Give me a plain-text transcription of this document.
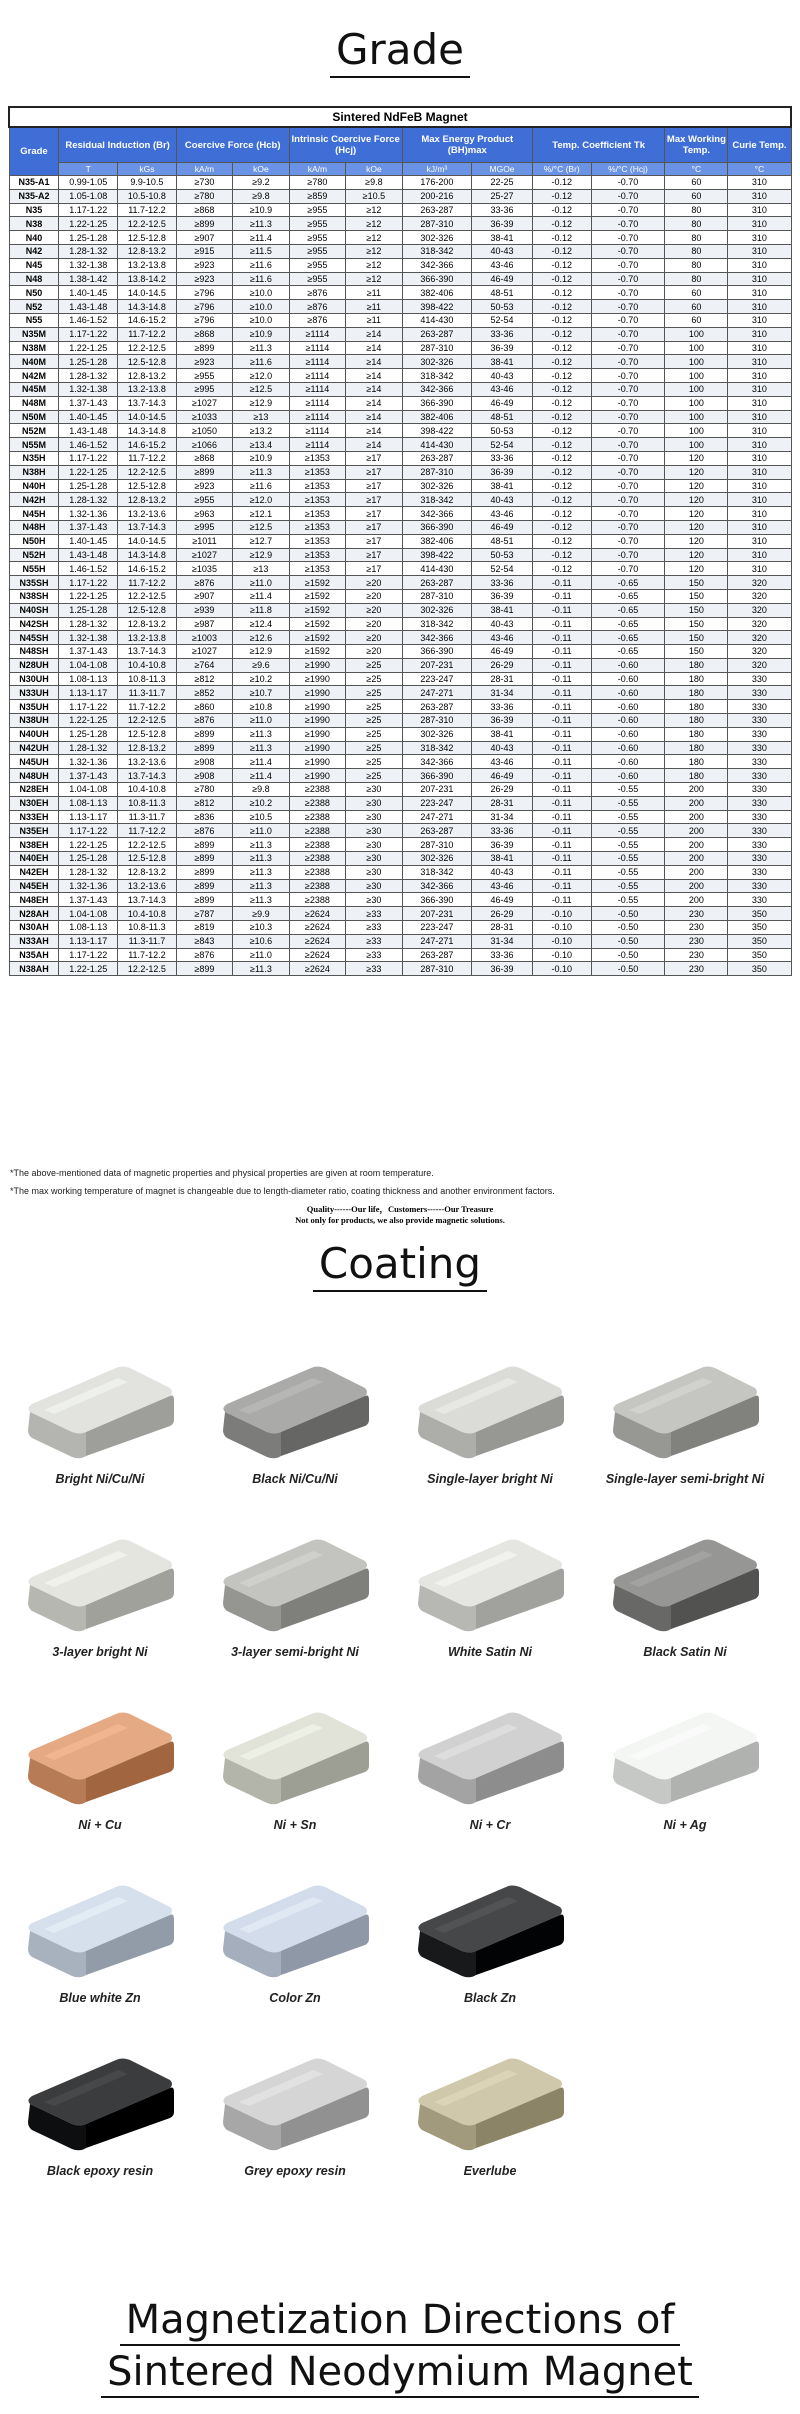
Grade
Sintered NdFeB Magnet												
Grade	Residual Induction (Br)		Coercive Force (Hcb)		Intrinsic Coercive Force (Hcj)		Max Energy Product (BH)max		Temp. Coefficient Tk		Max Working Temp.	Curie Temp.
	T	kGs	kA/m	kOe	kA/m	kOe	kJ/m³	MGOe	%/°C (Br)	%/°C (Hcj)	°C	°C
N35-A1	0.99-1.05	9.9-10.5	≥730	≥9.2	≥780	≥9.8	176-200	22-25	-0.12	-0.70	60	310
N35-A2	1.05-1.08	10.5-10.8	≥780	≥9.8	≥859	≥10.5	200-216	25-27	-0.12	-0.70	60	310
N35	1.17-1.22	11.7-12.2	≥868	≥10.9	≥955	≥12	263-287	33-36	-0.12	-0.70	80	310
N38	1.22-1.25	12.2-12.5	≥899	≥11.3	≥955	≥12	287-310	36-39	-0.12	-0.70	80	310
N40	1.25-1.28	12.5-12.8	≥907	≥11.4	≥955	≥12	302-326	38-41	-0.12	-0.70	80	310
N42	1.28-1.32	12.8-13.2	≥915	≥11.5	≥955	≥12	318-342	40-43	-0.12	-0.70	80	310
N45	1.32-1.38	13.2-13.8	≥923	≥11.6	≥955	≥12	342-366	43-46	-0.12	-0.70	80	310
N48	1.38-1.42	13.8-14.2	≥923	≥11.6	≥955	≥12	366-390	46-49	-0.12	-0.70	80	310
N50	1.40-1.45	14.0-14.5	≥796	≥10.0	≥876	≥11	382-406	48-51	-0.12	-0.70	60	310
N52	1.43-1.48	14.3-14.8	≥796	≥10.0	≥876	≥11	398-422	50-53	-0.12	-0.70	60	310
N55	1.46-1.52	14.6-15.2	≥796	≥10.0	≥876	≥11	414-430	52-54	-0.12	-0.70	60	310
N35M	1.17-1.22	11.7-12.2	≥868	≥10.9	≥1114	≥14	263-287	33-36	-0.12	-0.70	100	310
N38M	1.22-1.25	12.2-12.5	≥899	≥11.3	≥1114	≥14	287-310	36-39	-0.12	-0.70	100	310
N40M	1.25-1.28	12.5-12.8	≥923	≥11.6	≥1114	≥14	302-326	38-41	-0.12	-0.70	100	310
N42M	1.28-1.32	12.8-13.2	≥955	≥12.0	≥1114	≥14	318-342	40-43	-0.12	-0.70	100	310
N45M	1.32-1.38	13.2-13.8	≥995	≥12.5	≥1114	≥14	342-366	43-46	-0.12	-0.70	100	310
N48M	1.37-1.43	13.7-14.3	≥1027	≥12.9	≥1114	≥14	366-390	46-49	-0.12	-0.70	100	310
N50M	1.40-1.45	14.0-14.5	≥1033	≥13	≥1114	≥14	382-406	48-51	-0.12	-0.70	100	310
N52M	1.43-1.48	14.3-14.8	≥1050	≥13.2	≥1114	≥14	398-422	50-53	-0.12	-0.70	100	310
N55M	1.46-1.52	14.6-15.2	≥1066	≥13.4	≥1114	≥14	414-430	52-54	-0.12	-0.70	100	310
N35H	1.17-1.22	11.7-12.2	≥868	≥10.9	≥1353	≥17	263-287	33-36	-0.12	-0.70	120	310
N38H	1.22-1.25	12.2-12.5	≥899	≥11.3	≥1353	≥17	287-310	36-39	-0.12	-0.70	120	310
N40H	1.25-1.28	12.5-12.8	≥923	≥11.6	≥1353	≥17	302-326	38-41	-0.12	-0.70	120	310
N42H	1.28-1.32	12.8-13.2	≥955	≥12.0	≥1353	≥17	318-342	40-43	-0.12	-0.70	120	310
N45H	1.32-1.36	13.2-13.6	≥963	≥12.1	≥1353	≥17	342-366	43-46	-0.12	-0.70	120	310
N48H	1.37-1.43	13.7-14.3	≥995	≥12.5	≥1353	≥17	366-390	46-49	-0.12	-0.70	120	310
N50H	1.40-1.45	14.0-14.5	≥1011	≥12.7	≥1353	≥17	382-406	48-51	-0.12	-0.70	120	310
N52H	1.43-1.48	14.3-14.8	≥1027	≥12.9	≥1353	≥17	398-422	50-53	-0.12	-0.70	120	310
N55H	1.46-1.52	14.6-15.2	≥1035	≥13	≥1353	≥17	414-430	52-54	-0.12	-0.70	120	310
N35SH	1.17-1.22	11.7-12.2	≥876	≥11.0	≥1592	≥20	263-287	33-36	-0.11	-0.65	150	320
N38SH	1.22-1.25	12.2-12.5	≥907	≥11.4	≥1592	≥20	287-310	36-39	-0.11	-0.65	150	320
N40SH	1.25-1.28	12.5-12.8	≥939	≥11.8	≥1592	≥20	302-326	38-41	-0.11	-0.65	150	320
N42SH	1.28-1.32	12.8-13.2	≥987	≥12.4	≥1592	≥20	318-342	40-43	-0.11	-0.65	150	320
N45SH	1.32-1.38	13.2-13.8	≥1003	≥12.6	≥1592	≥20	342-366	43-46	-0.11	-0.65	150	320
N48SH	1.37-1.43	13.7-14.3	≥1027	≥12.9	≥1592	≥20	366-390	46-49	-0.11	-0.65	150	320
N28UH	1.04-1.08	10.4-10.8	≥764	≥9.6	≥1990	≥25	207-231	26-29	-0.11	-0.60	180	320
N30UH	1.08-1.13	10.8-11.3	≥812	≥10.2	≥1990	≥25	223-247	28-31	-0.11	-0.60	180	330
N33UH	1.13-1.17	11.3-11.7	≥852	≥10.7	≥1990	≥25	247-271	31-34	-0.11	-0.60	180	330
N35UH	1.17-1.22	11.7-12.2	≥860	≥10.8	≥1990	≥25	263-287	33-36	-0.11	-0.60	180	330
N38UH	1.22-1.25	12.2-12.5	≥876	≥11.0	≥1990	≥25	287-310	36-39	-0.11	-0.60	180	330
N40UH	1.25-1.28	12.5-12.8	≥899	≥11.3	≥1990	≥25	302-326	38-41	-0.11	-0.60	180	330
N42UH	1.28-1.32	12.8-13.2	≥899	≥11.3	≥1990	≥25	318-342	40-43	-0.11	-0.60	180	330
N45UH	1.32-1.36	13.2-13.6	≥908	≥11.4	≥1990	≥25	342-366	43-46	-0.11	-0.60	180	330
N48UH	1.37-1.43	13.7-14.3	≥908	≥11.4	≥1990	≥25	366-390	46-49	-0.11	-0.60	180	330
N28EH	1.04-1.08	10.4-10.8	≥780	≥9.8	≥2388	≥30	207-231	26-29	-0.11	-0.55	200	330
N30EH	1.08-1.13	10.8-11.3	≥812	≥10.2	≥2388	≥30	223-247	28-31	-0.11	-0.55	200	330
N33EH	1.13-1.17	11.3-11.7	≥836	≥10.5	≥2388	≥30	247-271	31-34	-0.11	-0.55	200	330
N35EH	1.17-1.22	11.7-12.2	≥876	≥11.0	≥2388	≥30	263-287	33-36	-0.11	-0.55	200	330
N38EH	1.22-1.25	12.2-12.5	≥899	≥11.3	≥2388	≥30	287-310	36-39	-0.11	-0.55	200	330
N40EH	1.25-1.28	12.5-12.8	≥899	≥11.3	≥2388	≥30	302-326	38-41	-0.11	-0.55	200	330
N42EH	1.28-1.32	12.8-13.2	≥899	≥11.3	≥2388	≥30	318-342	40-43	-0.11	-0.55	200	330
N45EH	1.32-1.36	13.2-13.6	≥899	≥11.3	≥2388	≥30	342-366	43-46	-0.11	-0.55	200	330
N48EH	1.37-1.43	13.7-14.3	≥899	≥11.3	≥2388	≥30	366-390	46-49	-0.11	-0.55	200	330
N28AH	1.04-1.08	10.4-10.8	≥787	≥9.9	≥2624	≥33	207-231	26-29	-0.10	-0.50	230	350
N30AH	1.08-1.13	10.8-11.3	≥819	≥10.3	≥2624	≥33	223-247	28-31	-0.10	-0.50	230	350
N33AH	1.13-1.17	11.3-11.7	≥843	≥10.6	≥2624	≥33	247-271	31-34	-0.10	-0.50	230	350
N35AH	1.17-1.22	11.7-12.2	≥876	≥11.0	≥2624	≥33	263-287	33-36	-0.10	-0.50	230	350
N38AH	1.22-1.25	12.2-12.5	≥899	≥11.3	≥2624	≥33	287-310	36-39	-0.10	-0.50	230	350

*The above-mentioned data of magnetic properties and physical properties are given at room temperature.

*The max working temperature of magnet is changeable due to length-diameter ratio, coating thickness and another environment factors.

Quality------Our life，Customers------Our Treasure
Not only for products, we also provide magnetic solutions.
Coating
Bright Ni/Cu/Ni	Black Ni/Cu/Ni	Single-layer bright Ni	Single-layer semi-bright Ni
3-layer bright Ni	3-layer semi-bright Ni	White Satin Ni	Black Satin Ni
Ni + Cu	Ni + Sn	Ni + Cr	Ni + Ag
Blue white Zn	Color Zn	Black Zn
Black epoxy resin	Grey epoxy resin	Everlube
Magnetization Directions of
Sintered Neodymium Magnet
